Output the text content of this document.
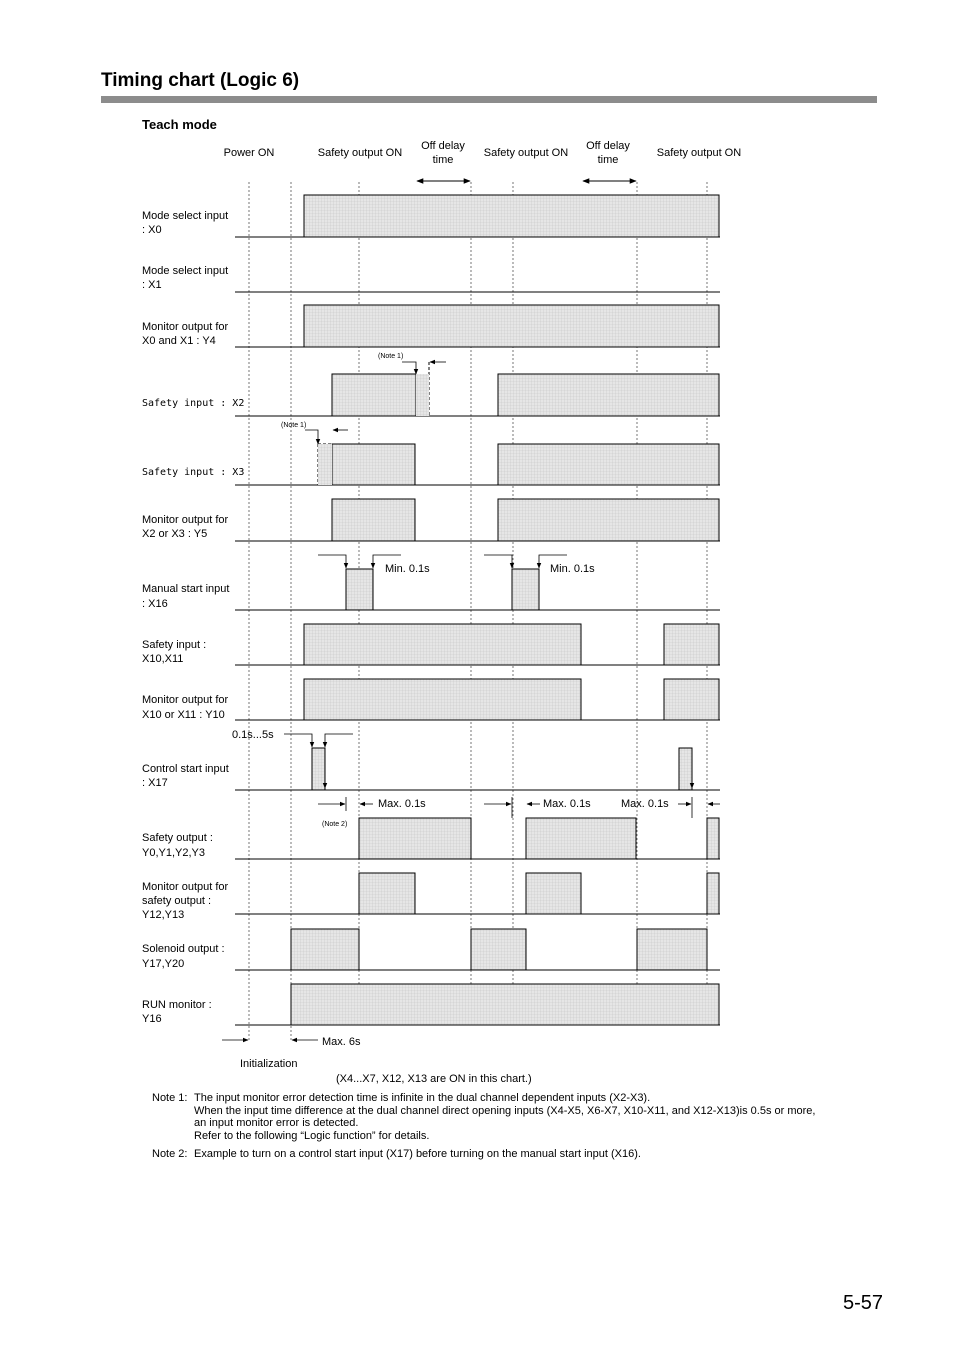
Timing chart (Logic 6)
Teach mode
Power ON	Safety output ON
Off delay
time
Safety output ON
Off delay
time
Safety output ON
Mode select input
: X0
Mode select input
: X1
Monitor output for
X0 and X1 : Y4
Safety input : X2
Safety input : X3
Monitor output for
X2 or X3 : Y5
Manual start input
: X16
Safety input :
X10,X11
Monitor output for
X10 or X11 : Y10
Control start input
: X17
Safety output :
Y0,Y1,Y2,Y3
Monitor output for
safety output :
Y12,Y13
Solenoid output :
Y17,Y20
RUN monitor :
Y16
(Note 1)
(Note 1)
Min. 0.1s	Min. 0.1s
0.1s...5s
Max. 0.1s
(Note 2)
Max. 0.1s	Max. 0.1s
Max. 6s
Initialization
(X4...X7, X12, X13 are ON in this chart.)
Note 1: The input monitor error detection time is infinite in the dual channel dependent inputs (X2-X3).
When the input time difference at the dual channel direct opening inputs (X4-X5, X6-X7, X10-X11, and X12-X13)is 0.5s or more,
an input monitor error is detected.
Refer to the following “Logic function” for details.
Note 2: Example to turn on a control start input (X17) before turning on the manual start input (X16).
5-57
